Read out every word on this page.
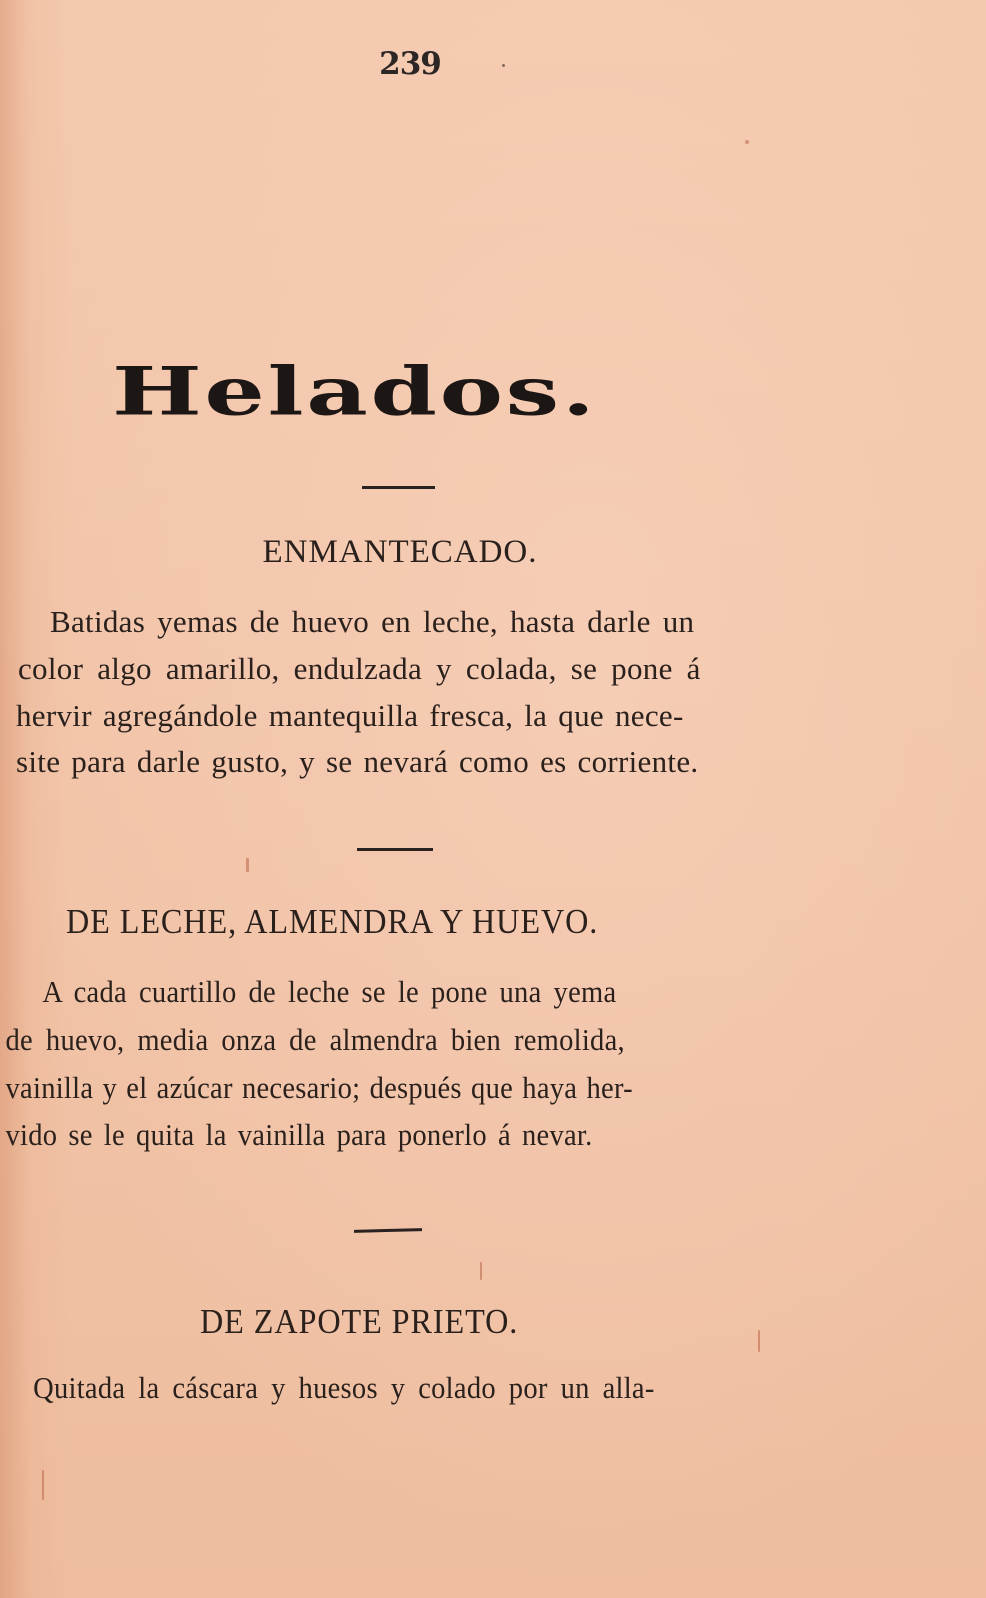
239
Helados.
ENMANTECADO.
Batidas yemas de huevo en leche, hasta darle un
color algo amarillo, endulzada y colada, se pone á
hervir agregándole mantequilla fresca, la que nece-
site para darle gusto, y se nevará como es corriente.
DE LECHE, ALMENDRA Y HUEVO.
A cada cuartillo de leche se le pone una yema
de huevo, media onza de almendra bien remolida,
vainilla y el azúcar necesario; después que haya her-
vido se le quita la vainilla para ponerlo á nevar.
DE ZAPOTE PRIETO.
Quitada la cáscara y huesos y colado por un alla-
